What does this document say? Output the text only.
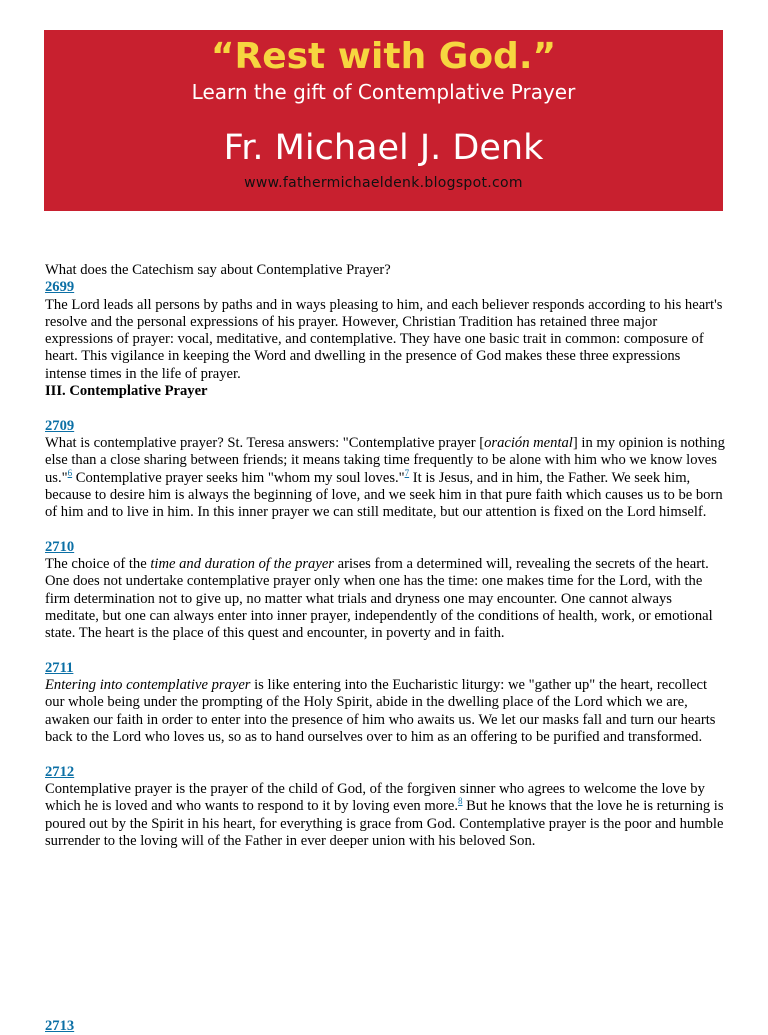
“Rest with God.”
Learn the gift of Contemplative Prayer
Fr. Michael J. Denk
www.fathermichaeldenk.blogspot.com

What does the Catechism say about Contemplative Prayer?

2699

The Lord leads all persons by paths and in ways pleasing to him, and each believer responds according to his heart's resolve and the personal expressions of his prayer. However, Christian Tradition has retained three major expressions of prayer: vocal, meditative, and contemplative. They have one basic trait in common: composure of heart. This vigilance in keeping the Word and dwelling in the presence of God makes these three expressions intense times in the life of prayer.

III. Contemplative Prayer

2709

What is contemplative prayer? St. Teresa answers: "Contemplative prayer [oración mental] in my opinion is nothing else than a close sharing between friends; it means taking time frequently to be alone with him who we know loves us."$^6$ Contemplative prayer seeks him "whom my soul loves."$^7$ It is Jesus, and in him, the Father. We seek him, because to desire him is always the beginning of love, and we seek him in that pure faith which causes us to be born of him and to live in him. In this inner prayer we can still meditate, but our attention is fixed on the Lord himself.

2710

The choice of the time and duration of the prayer arises from a determined will, revealing the secrets of the heart. One does not undertake contemplative prayer only when one has the time: one makes time for the Lord, with the firm determination not to give up, no matter what trials and dryness one may encounter. One cannot always meditate, but one can always enter into inner prayer, independently of the conditions of health, work, or emotional state. The heart is the place of this quest and encounter, in poverty and in faith.

2711

Entering into contemplative prayer is like entering into the Eucharistic liturgy: we "gather up" the heart, recollect our whole being under the prompting of the Holy Spirit, abide in the dwelling place of the Lord which we are, awaken our faith in order to enter into the presence of him who awaits us. We let our masks fall and turn our hearts back to the Lord who loves us, so as to hand ourselves over to him as an offering to be purified and transformed.

2712

Contemplative prayer is the prayer of the child of God, of the forgiven sinner who agrees to welcome the love by which he is loved and who wants to respond to it by loving even more.$^8$ But he knows that the love he is returning is poured out by the Spirit in his heart, for everything is grace from God. Contemplative prayer is the poor and humble surrender to the loving will of the Father in ever deeper union with his beloved Son.

2713
